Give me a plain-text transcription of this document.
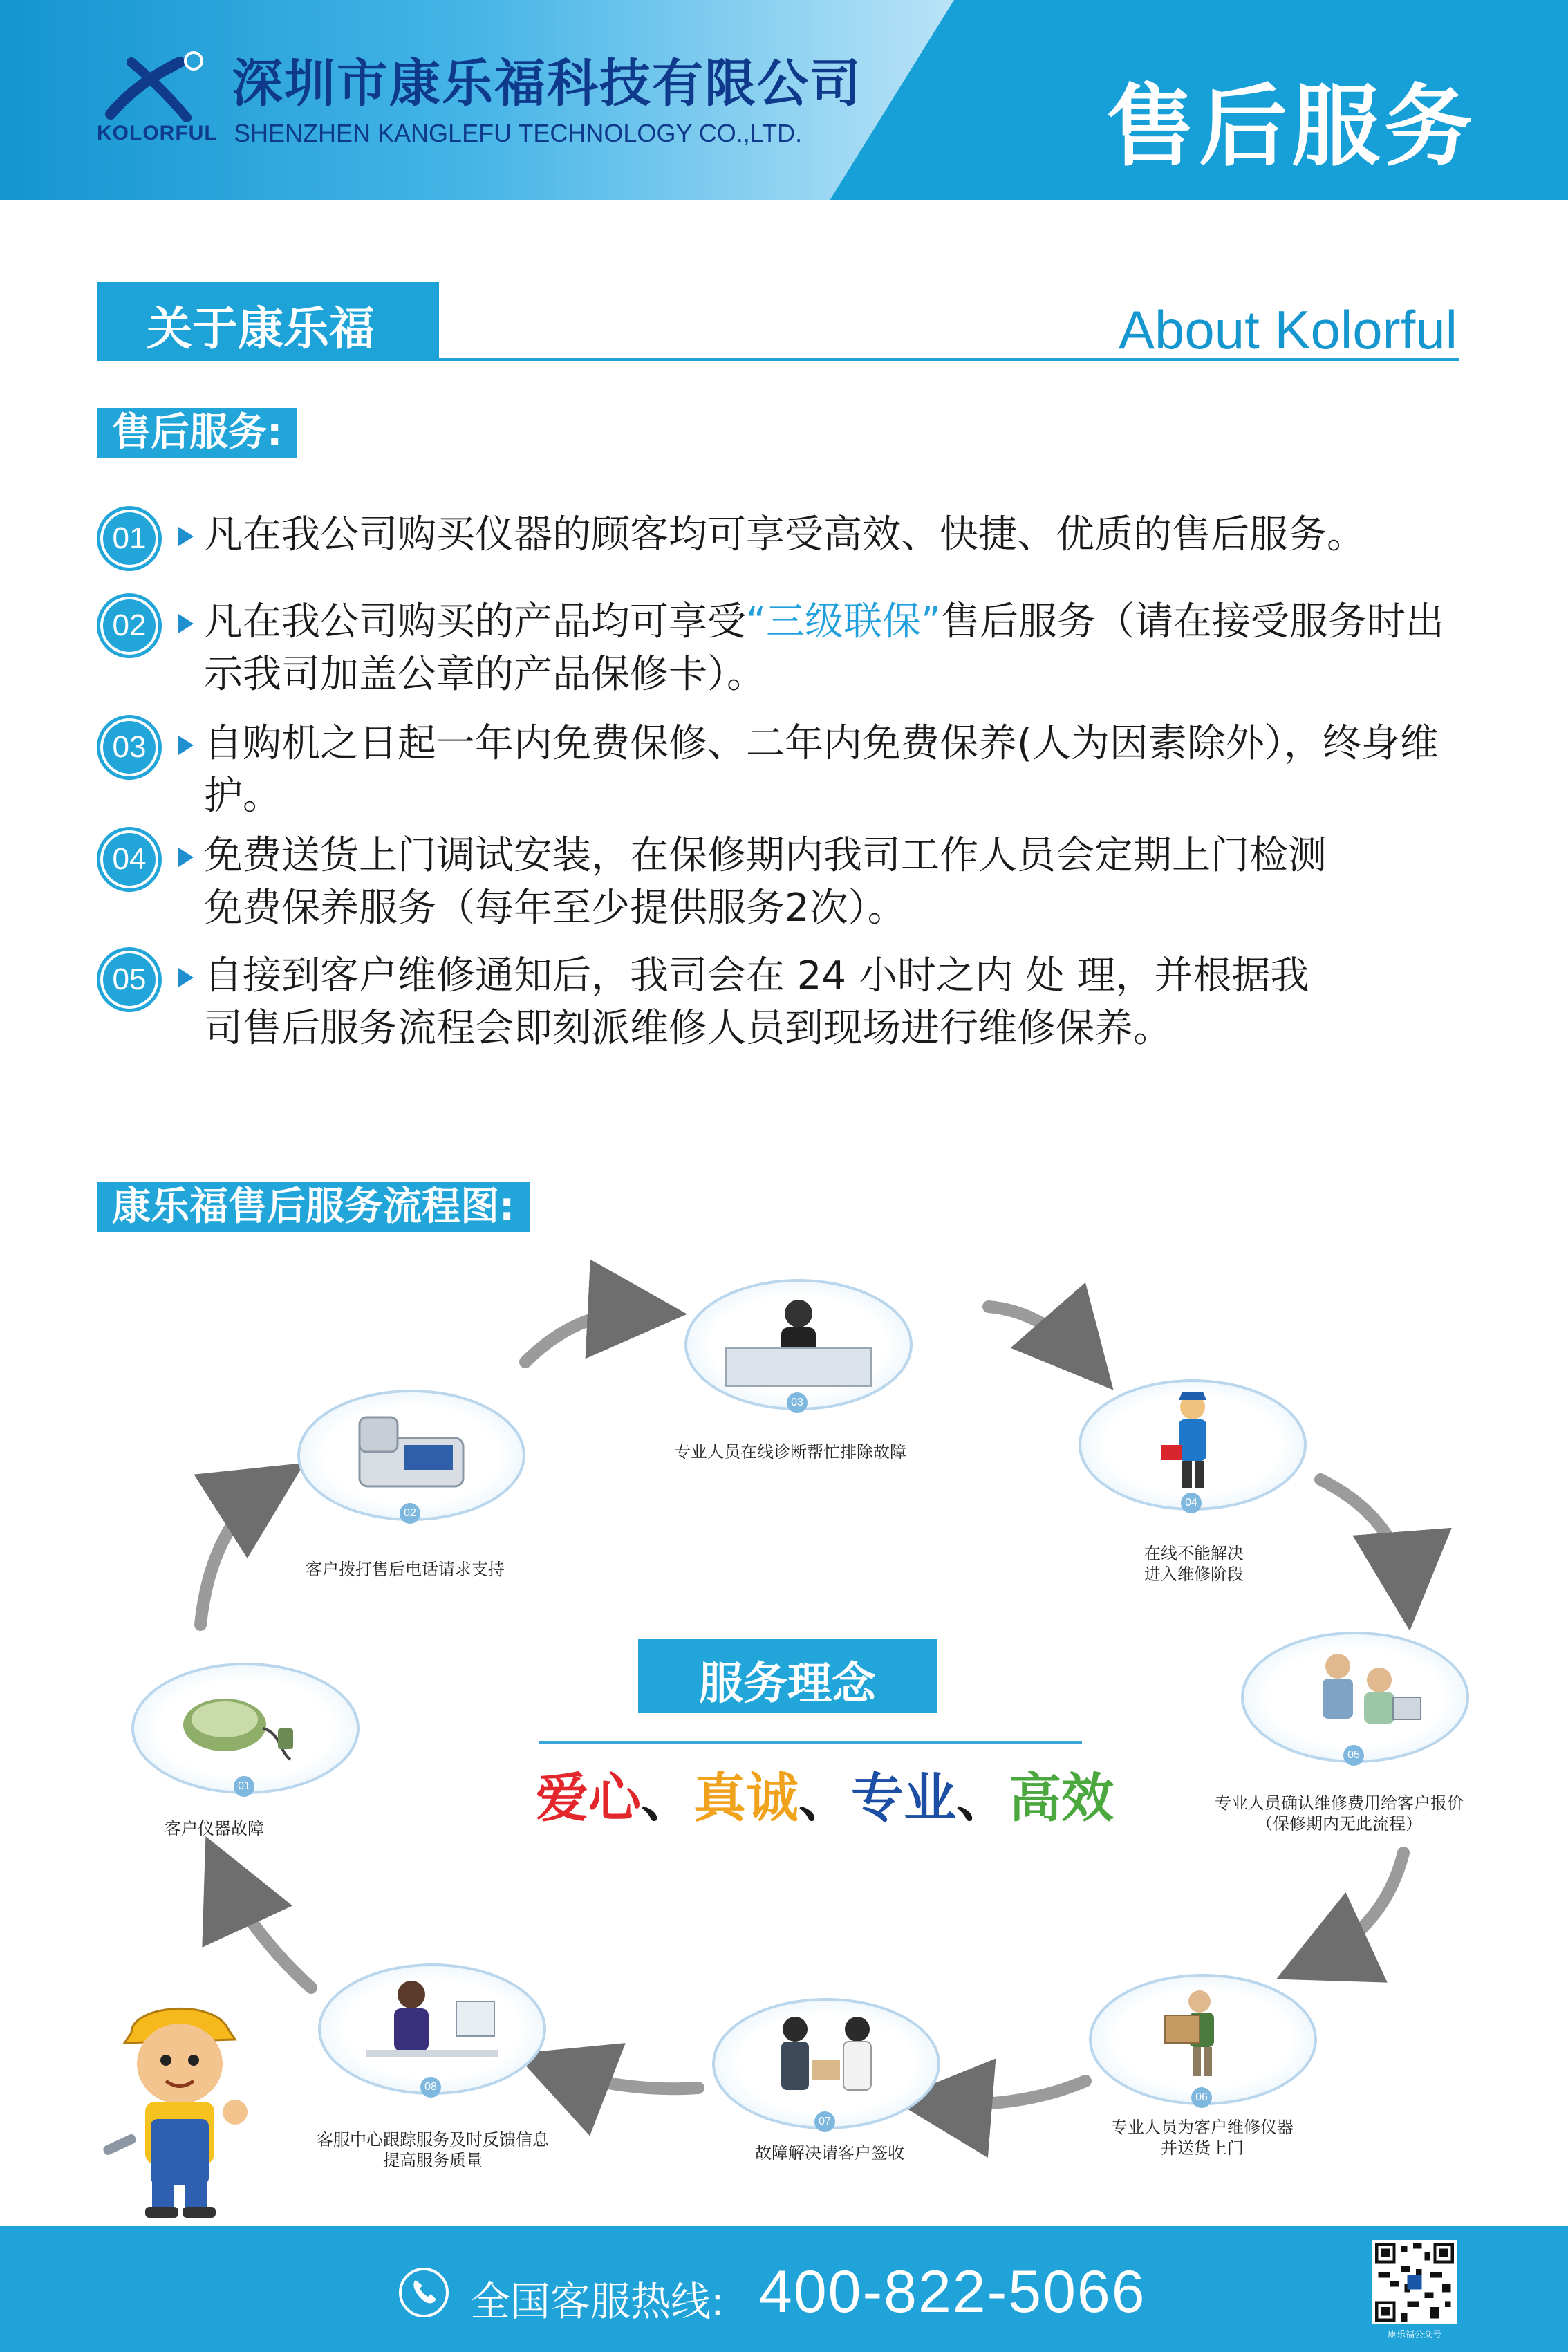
KOLORFUL
深圳市康乐福科技有限公司
SHENZHEN KANGLEFU TECHNOLOGY CO.,LTD.	售后服务
关于康乐福	About Kolorful
售后服务:
01 凡在我公司购买仪器的顾客均可享受高效、快捷、优质的售后服务。
02 凡在我公司购买的产品均可享受“三级联保”售后服务（请在接受服务时出示我司加盖公章的产品保修卡）。
03 自购机之日起一年内免费保修、二年内免费保养(人为因素除外），终身维护。
04 免费送货上门调试安装，在保修期内我司工作人员会定期上门检测免费保养服务（每年至少提供服务2次）。
05 自接到客户维修通知后，我司会在 24 小时之内 处 理，并根据我司售后服务流程会即刻派维修人员到现场进行维修保养。
康乐福售后服务流程图:
01
客户仪器故障
02
客户拨打售后电话请求支持
03
专业人员在线诊断帮忙排除故障
04
在线不能解决
进入维修阶段
05
专业人员确认维修费用给客户报价
（保修期内无此流程）
06
专业人员为客户维修仪器
并送货上门
07
故障解决请客户签收
08
客服中心跟踪服务及时反馈信息
提高服务质量
服务理念
爱心、真诚、专业、高效
全国客服热线: 400-822-5066
康乐福公众号
